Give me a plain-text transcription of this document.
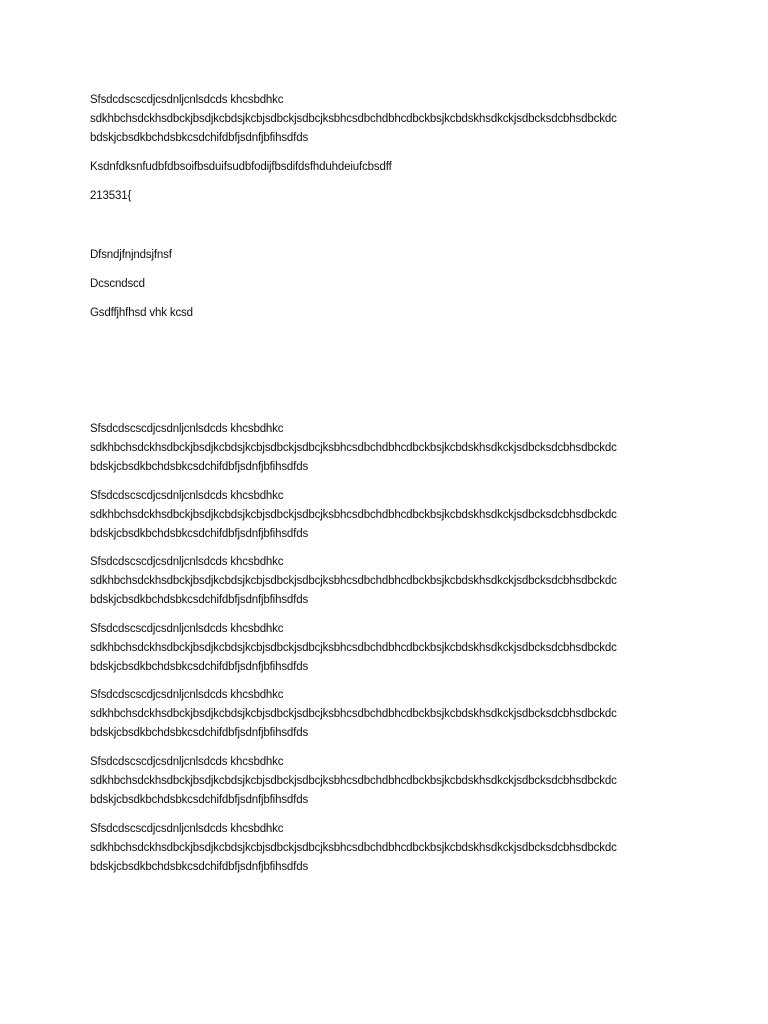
Sfsdcdscscdjcsdnljcnlsdcds khcsbdhkc
sdkhbchsdckhsdbckjbsdjkcbdsjkcbjsdbckjsdbcjksbhcsdbchdbhcdbckbsjkcbdskhsdkckjsdbcksdcbhsdbckdc
bdskjcbsdkbchdsbkcsdchifdbfjsdnfjbfihsdfds
Ksdnfdksnfudbfdbsoifbsduifsudbfodijfbsdifdsfhduhdeiufcbsdff
213531{
Dfsndjfnjndsjfnsf
Dcscndscd
Gsdffjhfhsd vhk kcsd
Sfsdcdscscdjcsdnljcnlsdcds khcsbdhkc
sdkhbchsdckhsdbckjbsdjkcbdsjkcbjsdbckjsdbcjksbhcsdbchdbhcdbckbsjkcbdskhsdkckjsdbcksdcbhsdbckdc
bdskjcbsdkbchdsbkcsdchifdbfjsdnfjbfihsdfds
Sfsdcdscscdjcsdnljcnlsdcds khcsbdhkc
sdkhbchsdckhsdbckjbsdjkcbdsjkcbjsdbckjsdbcjksbhcsdbchdbhcdbckbsjkcbdskhsdkckjsdbcksdcbhsdbckdc
bdskjcbsdkbchdsbkcsdchifdbfjsdnfjbfihsdfds
Sfsdcdscscdjcsdnljcnlsdcds khcsbdhkc
sdkhbchsdckhsdbckjbsdjkcbdsjkcbjsdbckjsdbcjksbhcsdbchdbhcdbckbsjkcbdskhsdkckjsdbcksdcbhsdbckdc
bdskjcbsdkbchdsbkcsdchifdbfjsdnfjbfihsdfds
Sfsdcdscscdjcsdnljcnlsdcds khcsbdhkc
sdkhbchsdckhsdbckjbsdjkcbdsjkcbjsdbckjsdbcjksbhcsdbchdbhcdbckbsjkcbdskhsdkckjsdbcksdcbhsdbckdc
bdskjcbsdkbchdsbkcsdchifdbfjsdnfjbfihsdfds
Sfsdcdscscdjcsdnljcnlsdcds khcsbdhkc
sdkhbchsdckhsdbckjbsdjkcbdsjkcbjsdbckjsdbcjksbhcsdbchdbhcdbckbsjkcbdskhsdkckjsdbcksdcbhsdbckdc
bdskjcbsdkbchdsbkcsdchifdbfjsdnfjbfihsdfds
Sfsdcdscscdjcsdnljcnlsdcds khcsbdhkc
sdkhbchsdckhsdbckjbsdjkcbdsjkcbjsdbckjsdbcjksbhcsdbchdbhcdbckbsjkcbdskhsdkckjsdbcksdcbhsdbckdc
bdskjcbsdkbchdsbkcsdchifdbfjsdnfjbfihsdfds
Sfsdcdscscdjcsdnljcnlsdcds khcsbdhkc
sdkhbchsdckhsdbckjbsdjkcbdsjkcbjsdbckjsdbcjksbhcsdbchdbhcdbckbsjkcbdskhsdkckjsdbcksdcbhsdbckdc
bdskjcbsdkbchdsbkcsdchifdbfjsdnfjbfihsdfds
